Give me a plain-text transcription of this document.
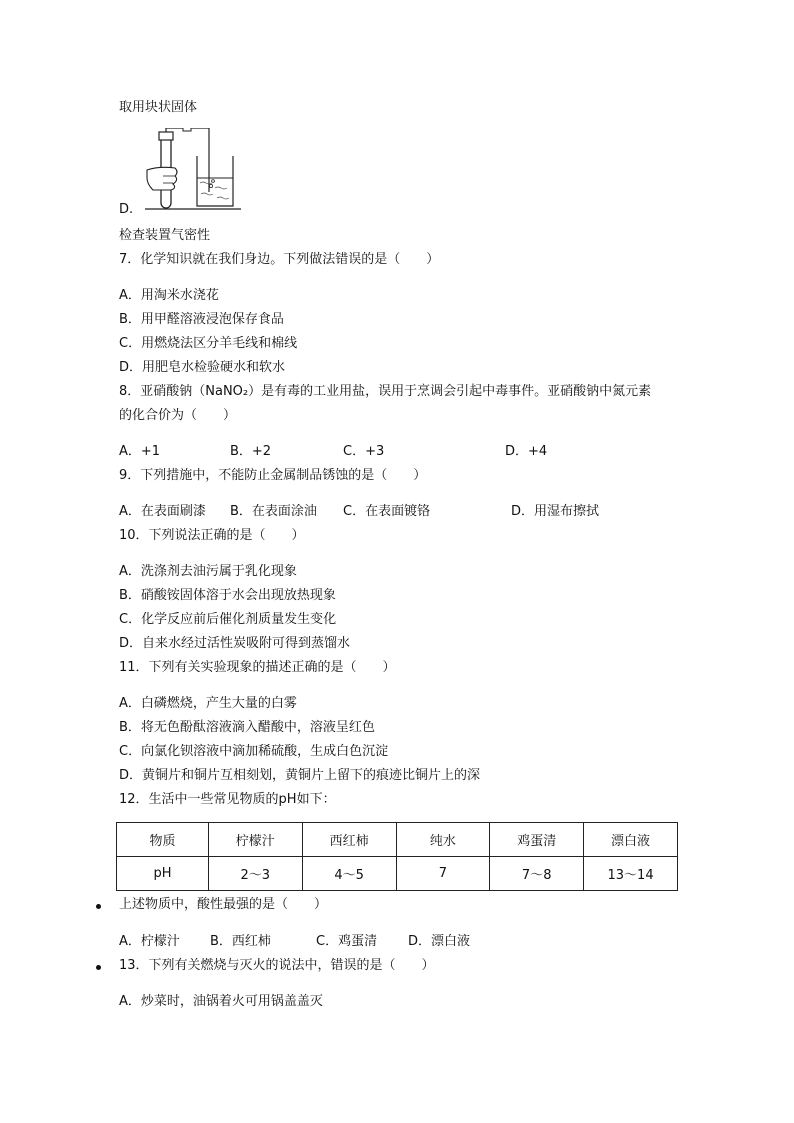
取用块状固体
D.
检查装置气密性
7．化学知识就在我们身边。下列做法错误的是（　　）
A．用淘米水浇花
B．用甲醛溶液浸泡保存食品
C．用燃烧法区分羊毛线和棉线
D．用肥皂水检验硬水和软水
8．亚硝酸钠（NaNO₂）是有毒的工业用盐，误用于烹调会引起中毒事件。亚硝酸钠中氮元素
的化合价为（　　）
A．+1	B．+2	C．+3	D．+4
9．下列措施中，不能防止金属制品锈蚀的是（　　）
A．在表面刷漆 B．在表面涂油 C．在表面镀铬	D．用湿布擦拭
10．下列说法正确的是（　　）
A．洗涤剂去油污属于乳化现象
B．硝酸铵固体溶于水会出现放热现象
C．化学反应前后催化剂质量发生变化
D．自来水经过活性炭吸附可得到蒸馏水
11．下列有关实验现象的描述正确的是（　　）
A．白磷燃烧，产生大量的白雾
B．将无色酚酞溶液滴入醋酸中，溶液呈红色
C．向氯化钡溶液中滴加稀硫酸，生成白色沉淀
D．黄铜片和铜片互相刻划，黄铜片上留下的痕迹比铜片上的深
12．生活中一些常见物质的pH如下：
物质	柠檬汁	西红柿	纯水	鸡蛋清	漂白液
pH	2～3	4～5	7	7～8	13～14
上述物质中，酸性最强的是（　　）
A．柠檬汁 B．西红柿	C．鸡蛋清 D．漂白液
13．下列有关燃烧与灭火的说法中，错误的是（　　）
A．炒菜时，油锅着火可用锅盖盖灭
